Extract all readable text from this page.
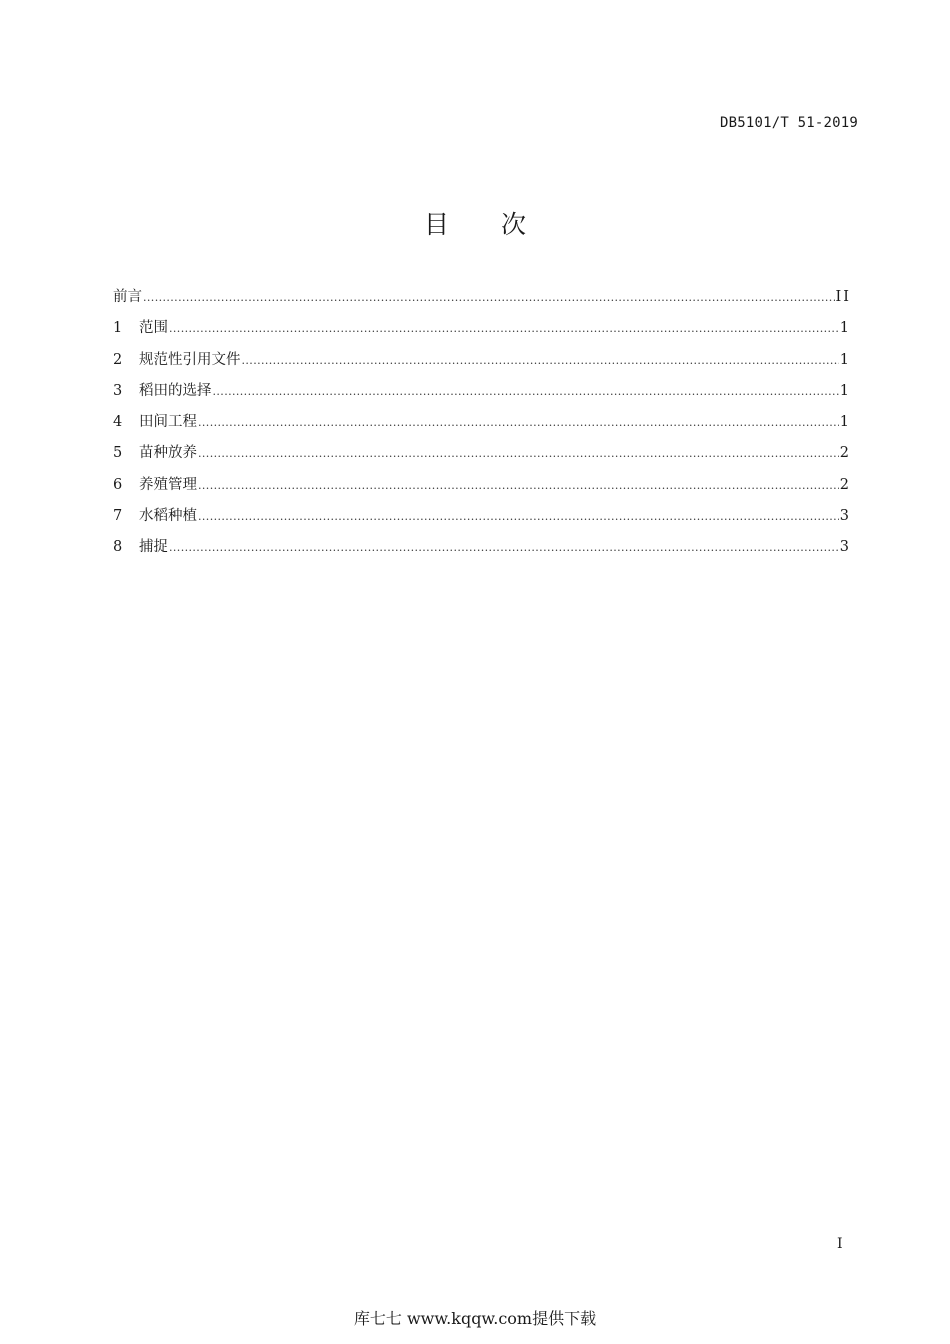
DB5101/T 51-2019
目 次
前言 .....	II
1	范围 .....	1
2	规范性引用文件 .....	1
3	稻田的选择 .....	1
4	田间工程 .....	1
5	苗种放养 .....	2
6	养殖管理 .....	2
7	水稻种植 .....	3
8	捕捉 .....	3
I
库七七 www.kqqw.com提供下载
